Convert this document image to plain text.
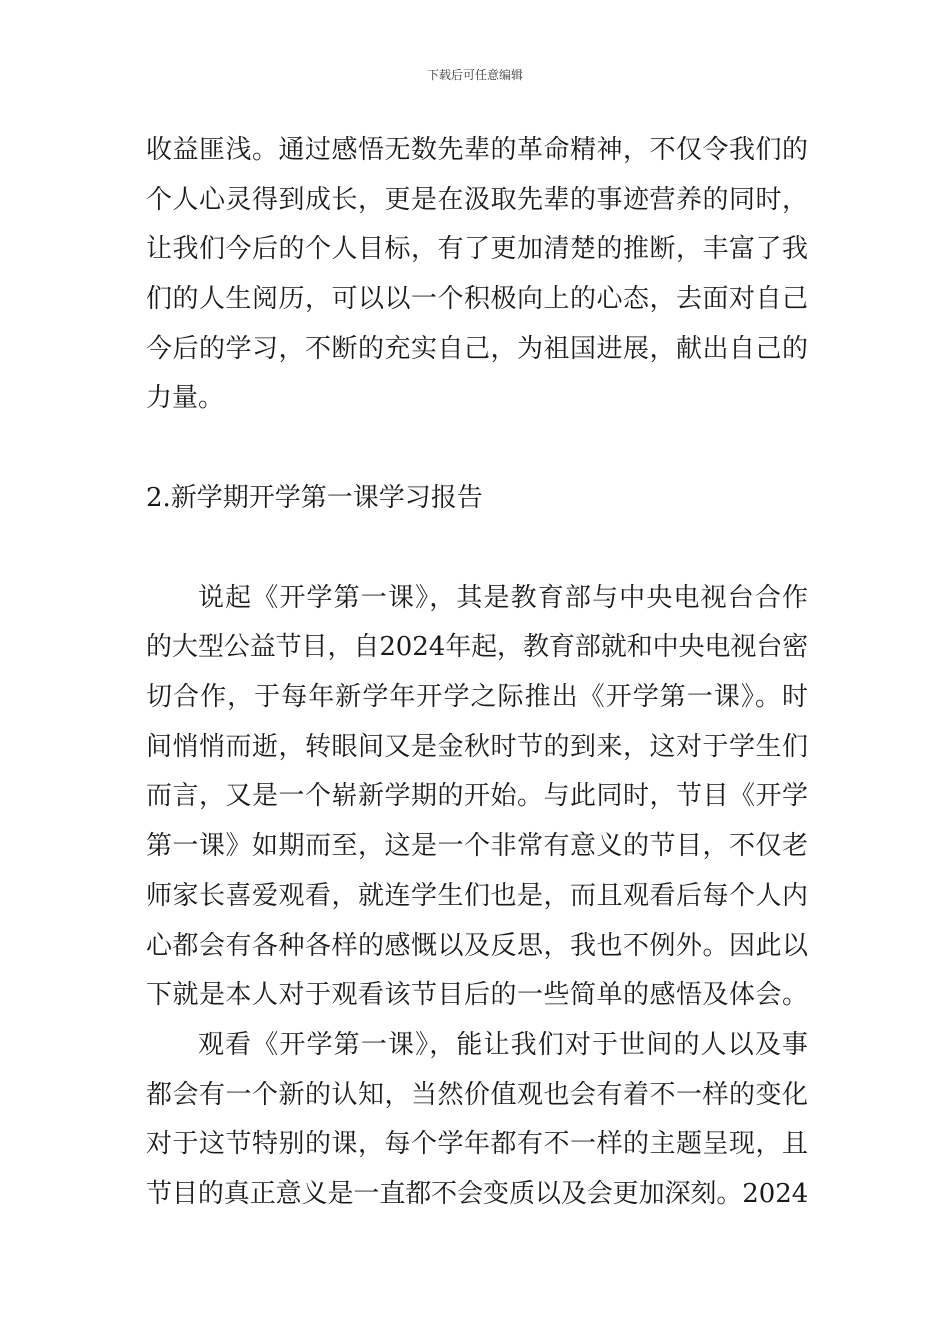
下载后可任意编辑
收益匪浅。通过感悟无数先辈的革命精神，不仅令我们的
个人心灵得到成长，更是在汲取先辈的事迹营养的同时，
让我们今后的个人目标，有了更加清楚的推断，丰富了我
们的人生阅历，可以以一个积极向上的心态，去面对自己
今后的学习，不断的充实自己，为祖国进展，献出自己的
力量。
2.新学期开学第一课学习报告
说起《开学第一课》，其是教育部与中央电视台合作
的大型公益节目，自2024年起，教育部就和中央电视台密
切合作，于每年新学年开学之际推出《开学第一课》。时
间悄悄而逝，转眼间又是金秋时节的到来，这对于学生们
而言，又是一个崭新学期的开始。与此同时，节目《开学
第一课》如期而至，这是一个非常有意义的节目，不仅老
师家长喜爱观看，就连学生们也是，而且观看后每个人内
心都会有各种各样的感慨以及反思，我也不例外。因此以
下就是本人对于观看该节目后的一些简单的感悟及体会。
观看《开学第一课》，能让我们对于世间的人以及事
都会有一个新的认知，当然价值观也会有着不一样的变化
对于这节特别的课，每个学年都有不一样的主题呈现，且
节目的真正意义是一直都不会变质以及会更加深刻。2024
